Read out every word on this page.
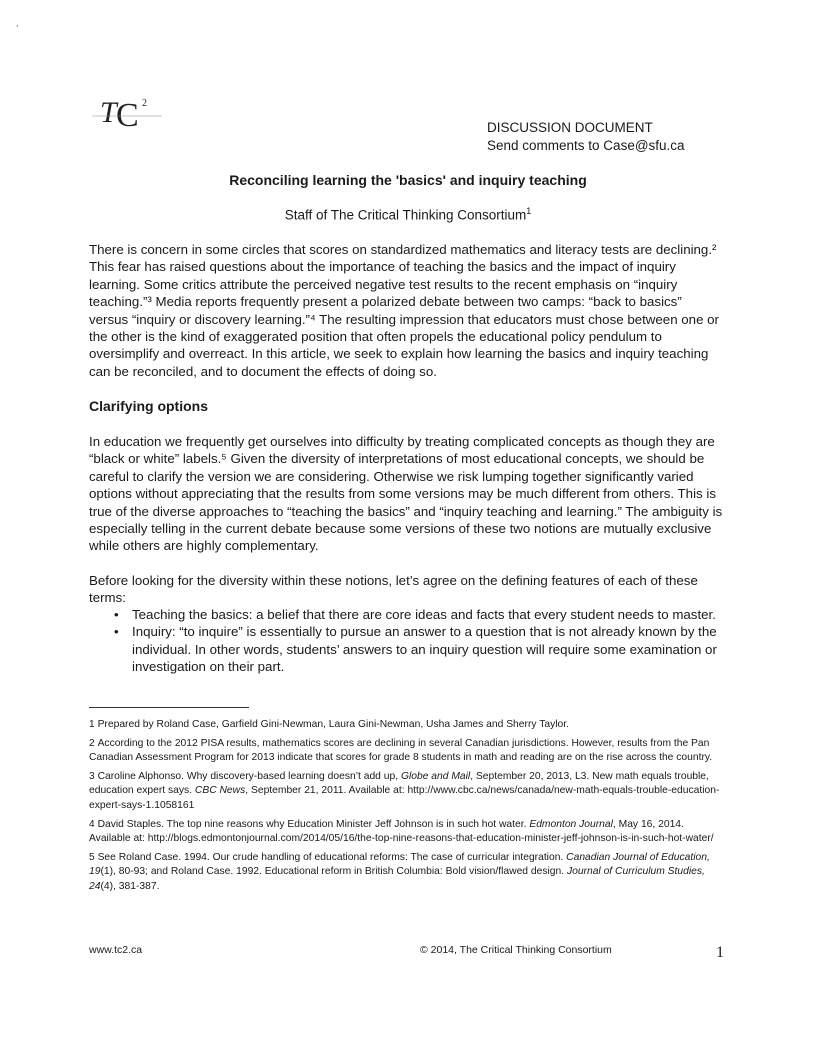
‘
T C 2
DISCUSSION DOCUMENT
Send comments to Case@sfu.ca
Reconciling learning the 'basics' and inquiry teaching
Staff of The Critical Thinking Consortium$^1$
There is concern in some circles that scores on standardized mathematics and literacy tests are declining.² This fear has raised questions about the importance of teaching the basics and the impact of inquiry learning. Some critics attribute the perceived negative test results to the recent emphasis on “inquiry teaching.”³ Media reports frequently present a polarized debate between two camps: “back to basics” versus “inquiry or discovery learning.”⁴ The resulting impression that educators must chose between one or the other is the kind of exaggerated position that often propels the educational policy pendulum to oversimplify and overreact. In this article, we seek to explain how learning the basics and inquiry teaching can be reconciled, and to document the effects of doing so.
Clarifying options
In education we frequently get ourselves into difficulty by treating complicated concepts as though they are “black or white” labels.⁵ Given the diversity of interpretations of most educational concepts, we should be careful to clarify the version we are considering. Otherwise we risk lumping together significantly varied options without appreciating that the results from some versions may be much different from others. This is true of the diverse approaches to “teaching the basics” and “inquiry teaching and learning.” The ambiguity is especially telling in the current debate because some versions of these two notions are mutually exclusive while others are highly complementary.
Before looking for the diversity within these notions, let’s agree on the defining features of each of these terms:
• Teaching the basics: a belief that there are core ideas and facts that every student needs to master.
• Inquiry: “to inquire” is essentially to pursue an answer to a question that is not already known by the individual. In other words, students’ answers to an inquiry question will require some examination or investigation on their part.

1 Prepared by Roland Case, Garfield Gini-Newman, Laura Gini-Newman, Usha James and Sherry Taylor.

2 According to the 2012 PISA results, mathematics scores are declining in several Canadian jurisdictions. However, results from the Pan Canadian Assessment Program for 2013 indicate that scores for grade 8 students in math and reading are on the rise across the country.

3 Caroline Alphonso. Why discovery-based learning doesn’t add up, Globe and Mail, September 20, 2013, L3. New math equals trouble, education expert says. CBC News, September 21, 2011. Available at: http://www.cbc.ca/news/canada/new-math-equals-trouble-education-expert-says-1.1058161

4 David Staples. The top nine reasons why Education Minister Jeff Johnson is in such hot water. Edmonton Journal, May 16, 2014. Available at: http://blogs.edmontonjournal.com/2014/05/16/the-top-nine-reasons-that-education-minister-jeff-johnson-is-in-such-hot-water/

5 See Roland Case. 1994. Our crude handling of educational reforms: The case of curricular integration. Canadian Journal of Education, 19(1), 80-93; and Roland Case. 1992. Educational reform in British Columbia: Bold vision/flawed design. Journal of Curriculum Studies, 24(4), 381-387.

www.tc2.ca	© 2014, The Critical Thinking Consortium	1
